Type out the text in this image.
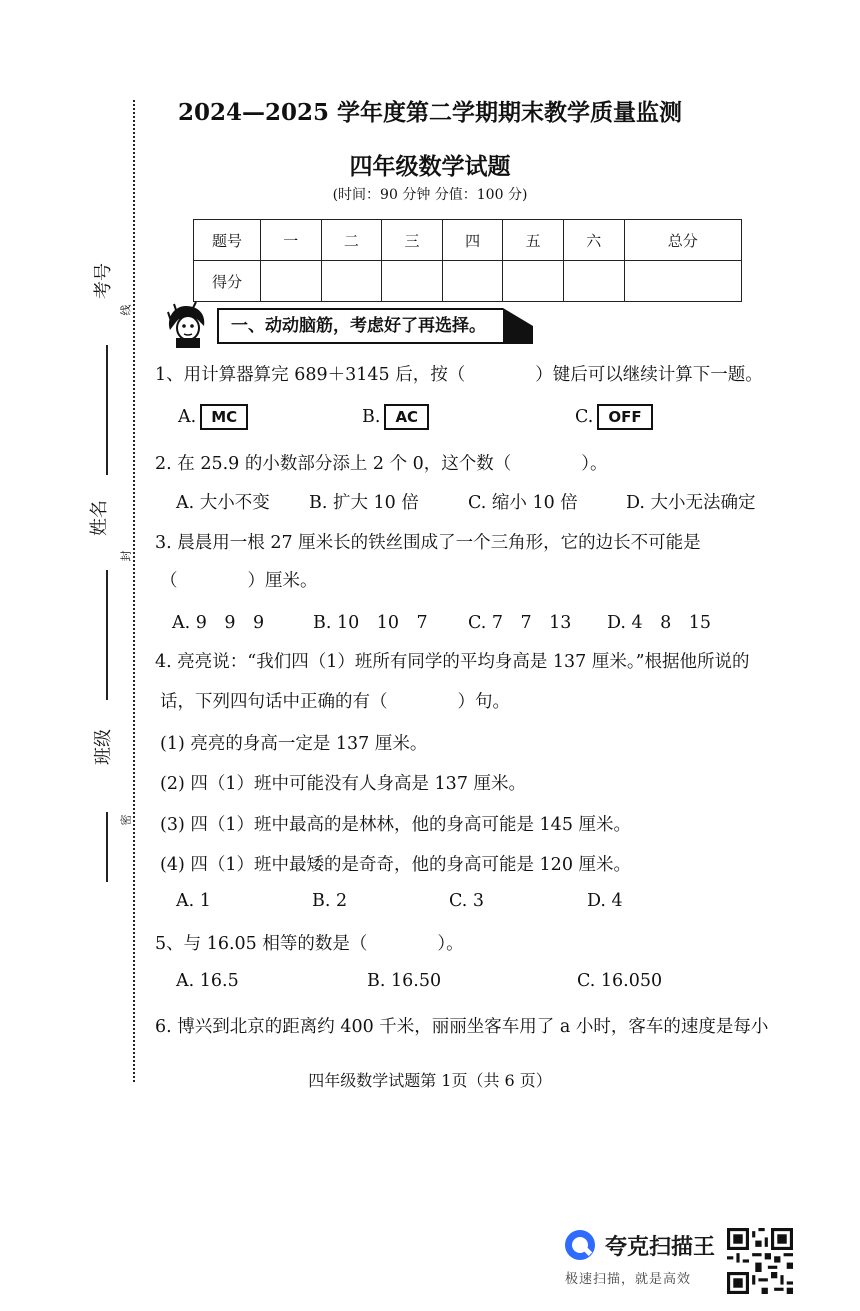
考号
线
姓名
封
班级
密
2024—2025 学年度第二学期期末教学质量监测
四年级数学试题
(时间：90 分钟 分值：100 分)
题号	一	二	三	四	五	六	总分
得分							
一、动动脑筋，考虑好了再选择。
1、用计算器算完 689＋3145 后，按（　　　　）键后可以继续计算下一题。
A. MC	B. AC	C. OFF
2. 在 25.9 的小数部分添上 2 个 0，这个数（　　　　）。
A. 大小不变 B. 扩大 10 倍	C. 缩小 10 倍	D. 大小无法确定
3. 晨晨用一根 27 厘米长的铁丝围成了一个三角形，它的边长不可能是
（　　　　）厘米。
A. 9　9　9	B. 10　10　7 C. 7　7　13 D. 4　8　15
4. 亮亮说：“我们四（1）班所有同学的平均身高是 137 厘米。”根据他所说的
话，下列四句话中正确的有（　　　　）句。
(1) 亮亮的身高一定是 137 厘米。
(2) 四（1）班中可能没有人身高是 137 厘米。
(3) 四（1）班中最高的是林林，他的身高可能是 145 厘米。
(4) 四（1）班中最矮的是奇奇，他的身高可能是 120 厘米。
A. 1	B. 2	C. 3	D. 4
5、与 16.05 相等的数是（　　　　）。
A. 16.5	B. 16.50	C. 16.050
6. 博兴到北京的距离约 400 千米，丽丽坐客车用了 a 小时，客车的速度是每小
四年级数学试题第 1页（共 6 页）
夸克扫描王
极速扫描，就是高效
